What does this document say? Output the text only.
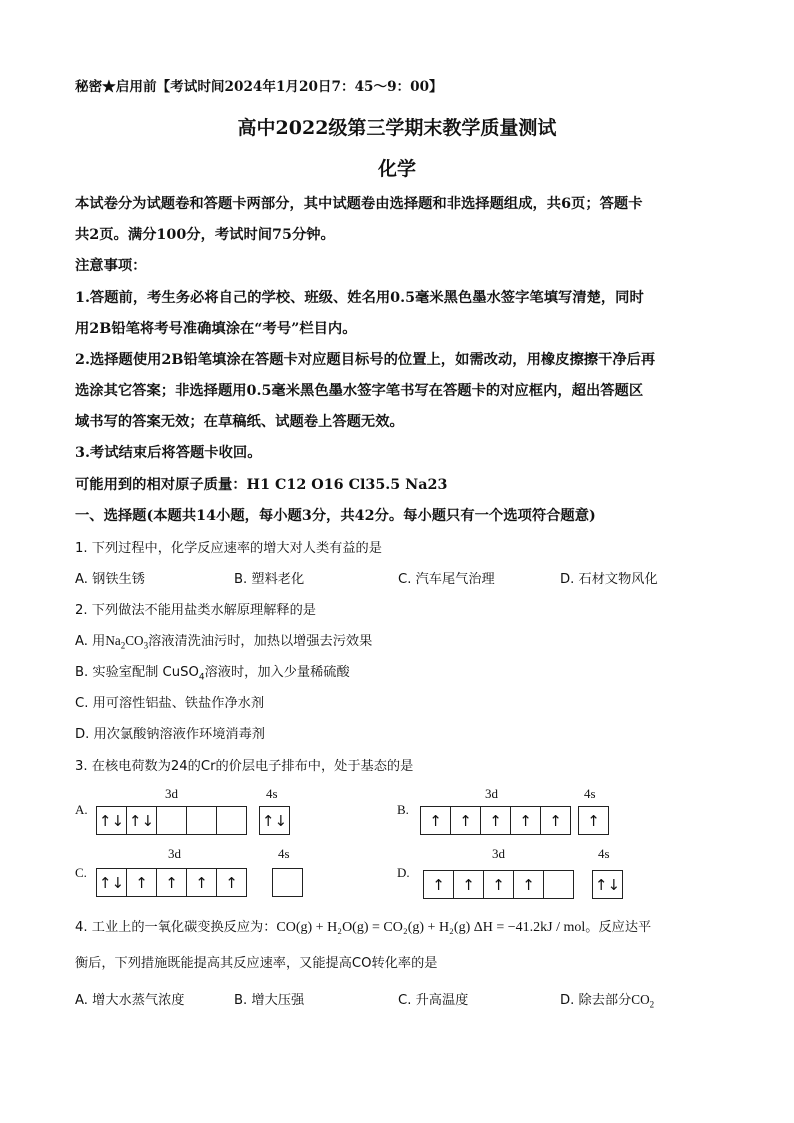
秘密★启用前【考试时间2024年1月20日7：45～9：00】
高中2022级第三学期末教学质量测试
化学
本试卷分为试题卷和答题卡两部分，其中试题卷由选择题和非选择题组成，共6页；答题卡
共2页。满分100分，考试时间75分钟。
注意事项：
1.答题前，考生务必将自己的学校、班级、姓名用0.5毫米黑色墨水签字笔填写清楚，同时
用2B铅笔将考号准确填涂在“考号”栏目内。
2.选择题使用2B铅笔填涂在答题卡对应题目标号的位置上，如需改动，用橡皮擦擦干净后再
选涂其它答案；非选择题用0.5毫米黑色墨水签字笔书写在答题卡的对应框内，超出答题区
域书写的答案无效；在草稿纸、试题卷上答题无效。
3.考试结束后将答题卡收回。
可能用到的相对原子质量：H1 C12 O16 Cl35.5 Na23
一、选择题(本题共14小题，每小题3分，共42分。每小题只有一个选项符合题意)
1. 下列过程中，化学反应速率的增大对人类有益的是
A. 钢铁生锈	B. 塑料老化	C. 汽车尾气治理	D. 石材文物风化
2. 下列做法不能用盐类水解原理解释的是
A. 用$Na_2CO_3$溶液清洗油污时，加热以增强去污效果
B. 实验室配制 CuSO$_4$溶液时，加入少量稀硫酸
C. 用可溶性铝盐、铁盐作净水剂
D. 用次氯酸钠溶液作环境消毒剂
3. 在核电荷数为24的Cr的价层电子排布中，处于基态的是
A.
3d	4s
↑↓ ↑↓	↑↓
B.
3d	4s
↑	↑	↑	↑	↑	↑
C.
3d	4s
↑↓ ↑	↑	↑	↑
D.
3d	4s
↑	↑	↑	↑	↑↓
4. 工业上的一氧化碳变换反应为：CO(g) + H₂O(g) = CO₂(g) + H₂(g) ΔH = −41.2kJ / mol。反应达平
衡后，下列措施既能提高其反应速率，又能提高CO转化率的是
A. 增大水蒸气浓度	B. 增大压强	C. 升高温度	D. 除去部分$CO_2$
